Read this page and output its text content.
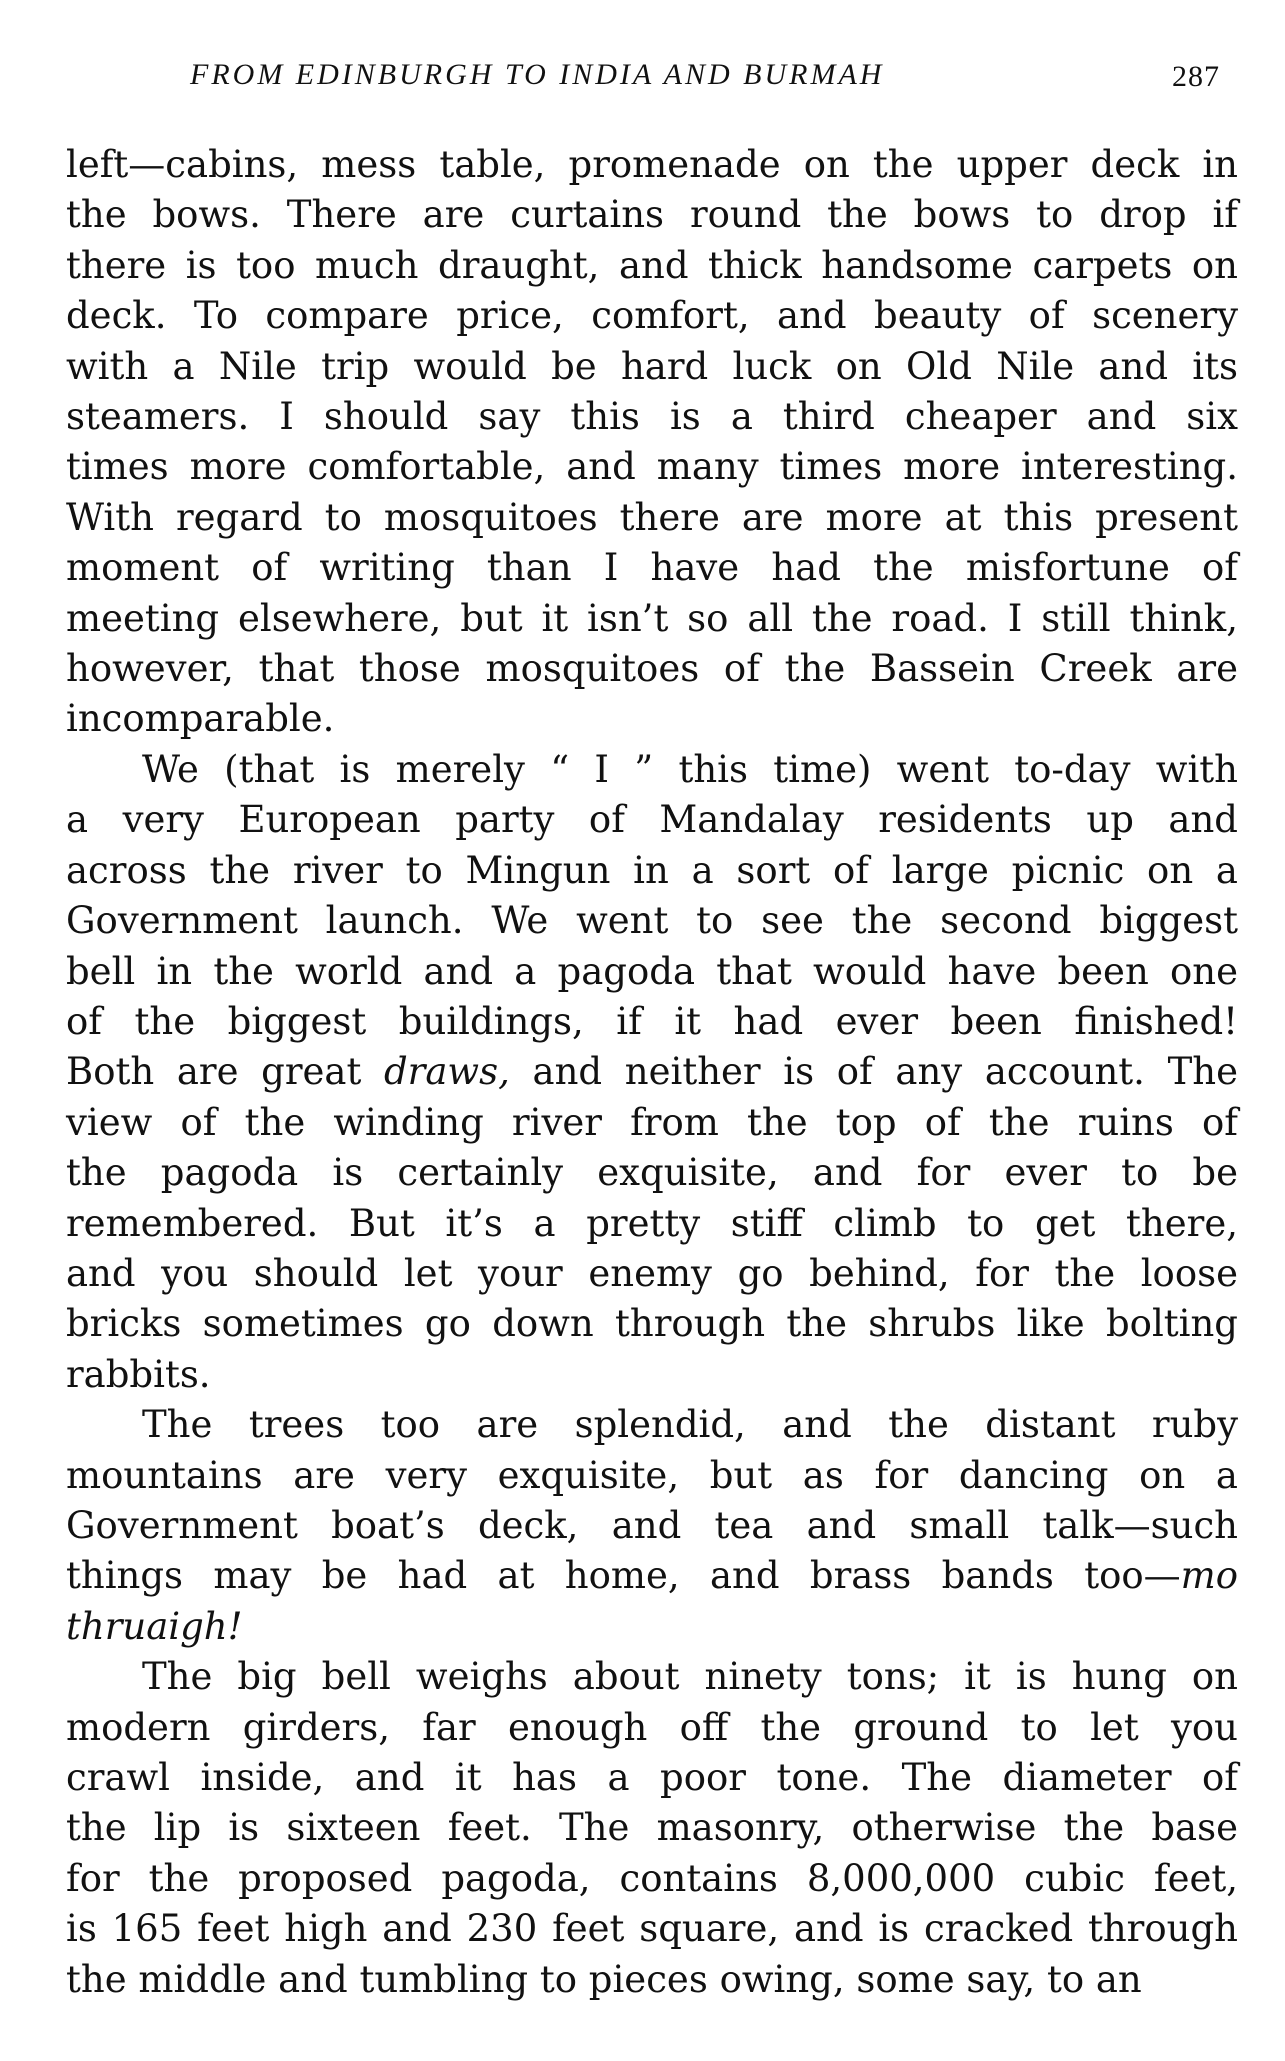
FROM EDINBURGH TO INDIA AND BURMAH	287
left—cabins, mess table, promenade on the upper deck in
the bows. There are curtains round the bows to drop if
there is too much draught, and thick handsome carpets on
deck. To compare price, comfort, and beauty of scenery
with a Nile trip would be hard luck on Old Nile and its
steamers. I should say this is a third cheaper and six
times more comfortable, and many times more interesting.
With regard to mosquitoes there are more at this present
moment of writing than I have had the misfortune of
meeting elsewhere, but it isn’t so all the road. I still think,
however, that those mosquitoes of the Bassein Creek are
incomparable.
We (that is merely “ I ” this time) went to-day with
a very European party of Mandalay residents up and
across the river to Mingun in a sort of large picnic on a
Government launch. We went to see the second biggest
bell in the world and a pagoda that would have been one
of the biggest buildings, if it had ever been finished!
Both are great draws, and neither is of any account. The
view of the winding river from the top of the ruins of
the pagoda is certainly exquisite, and for ever to be
remembered. But it’s a pretty stiff climb to get there,
and you should let your enemy go behind, for the loose
bricks sometimes go down through the shrubs like bolting
rabbits.
The trees too are splendid, and the distant ruby
mountains are very exquisite, but as for dancing on a
Government boat’s deck, and tea and small talk—such
things may be had at home, and brass bands too—mo
thruaigh!
The big bell weighs about ninety tons; it is hung on
modern girders, far enough off the ground to let you
crawl inside, and it has a poor tone. The diameter of
the lip is sixteen feet. The masonry, otherwise the base
for the proposed pagoda, contains 8,000,000 cubic feet,
is 165 feet high and 230 feet square, and is cracked through
the middle and tumbling to pieces owing, some say, to an
